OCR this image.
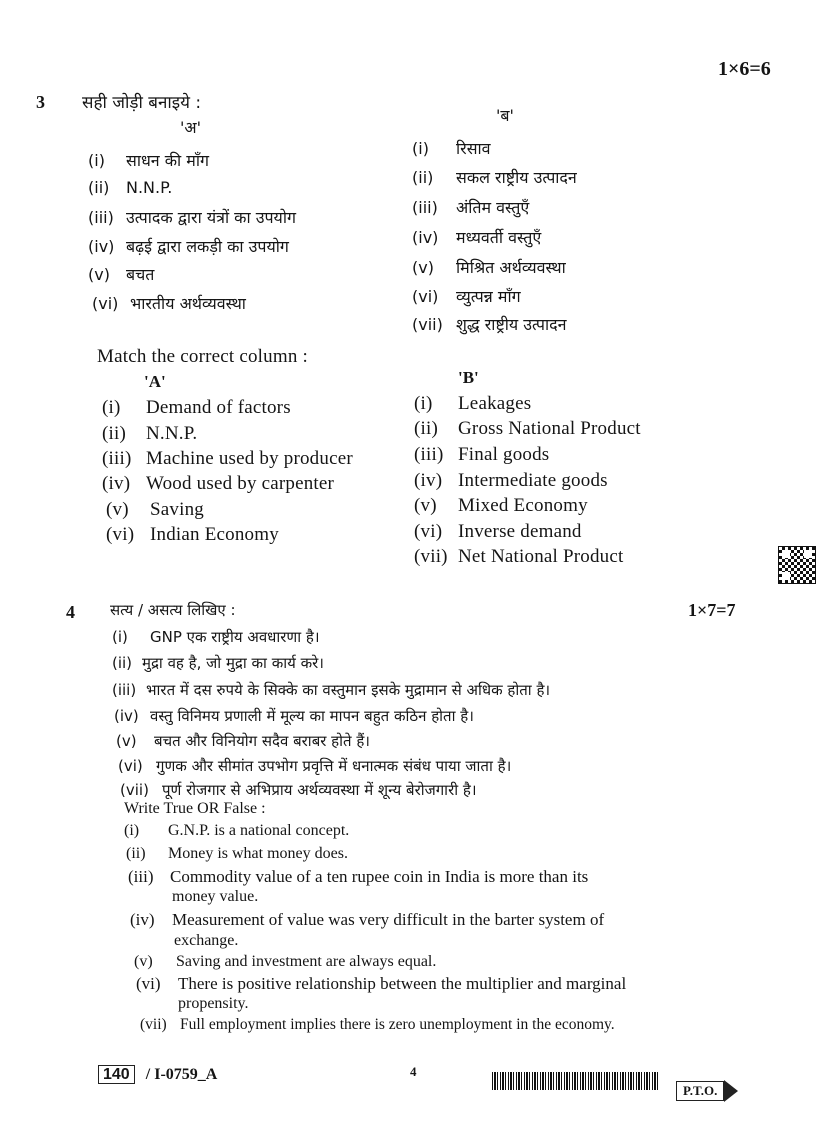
1×6=6
3 सही जोड़ी बनाइये :
'अ'
'ब'
(i) साधन की माँग
(ii) N.N.P.
(iii) उत्पादक द्वारा यंत्रों का उपयोग
(iv) बढ़ई द्वारा लकड़ी का उपयोग
(v) बचत
(vi) भारतीय अर्थव्यवस्था
(i) रिसाव
(ii) सकल राष्ट्रीय उत्पादन
(iii) अंतिम वस्तुएँ
(iv) मध्यवर्ती वस्तुएँ
(v) मिश्रित अर्थव्यवस्था
(vi) व्युत्पन्न माँग
(vii) शुद्ध राष्ट्रीय उत्पादन
Match the correct column :
'A'	'B'
(i) Demand of factors
(ii) N.N.P.
(iii) Machine used by producer
(iv) Wood used by carpenter
(v) Saving
(vi) Indian Economy
(i) Leakages
(ii) Gross National Product
(iii) Final goods
(iv) Intermediate goods
(v) Mixed Economy
(vi) Inverse demand
(vii) Net National Product
4 सत्य / असत्य लिखिए :	1×7=7
(i) GNP एक राष्ट्रीय अवधारणा है।
(ii) मुद्रा वह है, जो मुद्रा का कार्य करे।
(iii) भारत में दस रुपये के सिक्के का वस्तुमान इसके मुद्रामान से अधिक होता है।
(iv) वस्तु विनिमय प्रणाली में मूल्य का मापन बहुत कठिन होता है।
(v) बचत और विनियोग सदैव बराबर होते हैं।
(vi) गुणक और सीमांत उपभोग प्रवृत्ति में धनात्मक संबंध पाया जाता है।
(vii) पूर्ण रोजगार से अभिप्राय अर्थव्यवस्था में शून्य बेरोजगारी है।
Write True OR False :
(i) G.N.P. is a national concept.
(ii) Money is what money does.
(iii) Commodity value of a ten rupee coin in India is more than its
money value.
(iv) Measurement of value was very difficult in the barter system of
exchange.
(v) Saving and investment are always equal.
(vi) There is positive relationship between the multiplier and marginal
propensity.
(vii) Full employment implies there is zero unemployment in the economy.
140 / I-0759_A	4
P.T.O.
